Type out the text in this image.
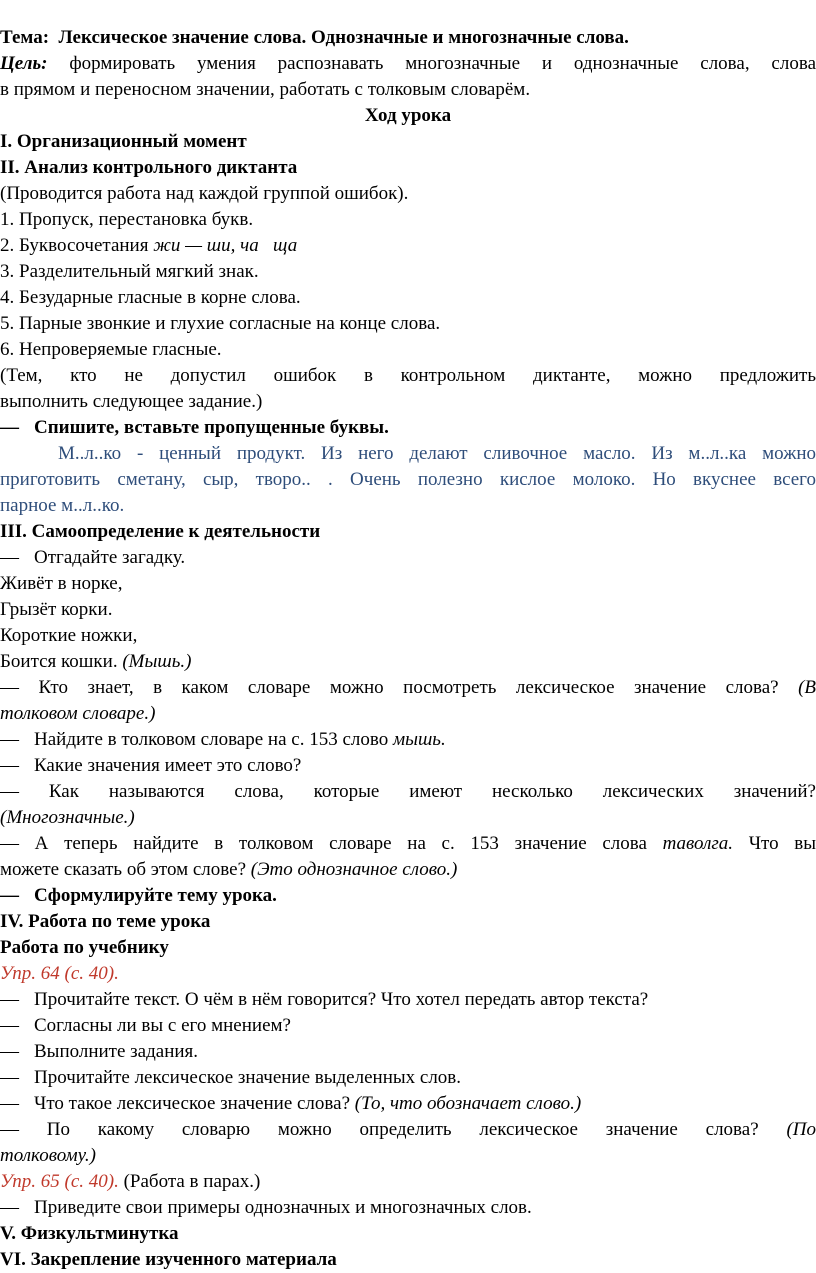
Тема: Лексическое значение слова. Однозначные и многозначные слова.

Цель: формировать умения распознавать многозначные и однозначные слова, слова

в прямом и переносном значении, работать с толковым словарём.

Ход урока

I. Организационный момент

II. Анализ контрольного диктанта

(Проводится работа над каждой группой ошибок).

1. Пропуск, перестановка букв.

2. Буквосочетания жи — ши, ча   ща

3. Разделительный мягкий знак.

4. Безударные гласные в корне слова.

5. Парные звонкие и глухие согласные на конце слова.

6. Непроверяемые гласные.

(Тем, кто не допустил ошибок в контрольном диктанте, можно предложить

выполнить следующее задание.)

— Спишите, вставьте пропущенные буквы.

М..л..ко - ценный продукт. Из него делают сливочное масло. Из м..л..ка можно

приготовить сметану, сыр, творо.. . Очень полезно кислое молоко. Но вкуснее всего

парное м..л..ко.

III. Самоопределение к деятельности

— Отгадайте загадку.

Живёт в норке,

Грызёт корки.

Короткие ножки,

Боится кошки. (Мышь.)

— Кто знает, в каком словаре можно посмотреть лексическое значение слова? (В

толковом словаре.)

— Найдите в толковом словаре на с. 153 слово мышь.

— Какие значения имеет это слово?

— Как называются слова, которые имеют несколько лексических значений?

(Многозначные.)

— А теперь найдите в толковом словаре на с. 153 значение слова таволга. Что вы

можете сказать об этом слове? (Это однозначное слово.)

— Сформулируйте тему урока.

IV. Работа по теме урока

Работа по учебнику

Упр. 64 (с. 40).

— Прочитайте текст. О чём в нём говорится? Что хотел передать автор текста?

— Согласны ли вы с его мнением?

— Выполните задания.

— Прочитайте лексическое значение выделенных слов.

— Что такое лексическое значение слова? (То, что обозначает слово.)

— По какому словарю можно определить лексическое значение слова? (По

толковому.)

Упр. 65 (с. 40). (Работа в парах.)

— Приведите свои примеры однозначных и многозначных слов.

V. Физкультминутка

VI. Закрепление изученного материала
